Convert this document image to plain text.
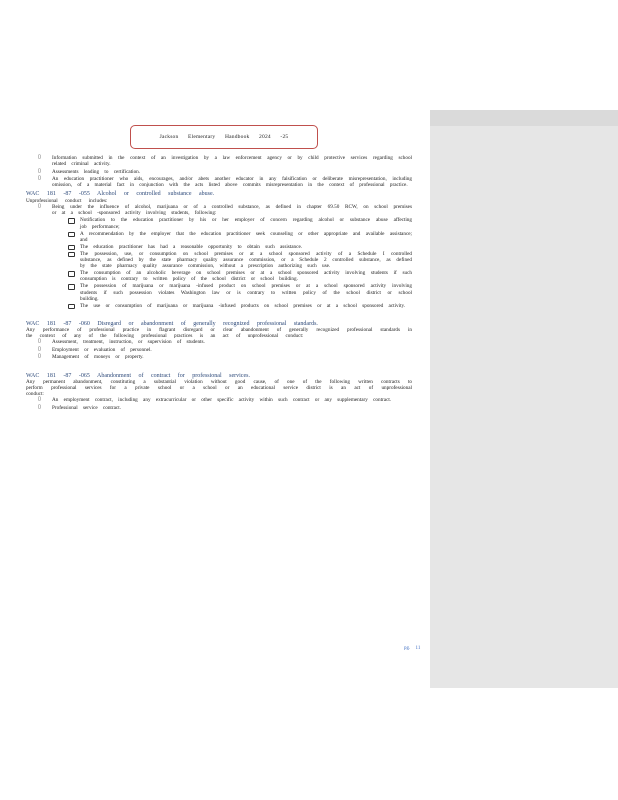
Jackson Elementary Handbook 2024 -25
▯ Information submitted in the context of an investigation by a law enforcement agency or by child protective services regarding school related criminal activity.
▯ Assessments leading to certification.
▯ An education practitioner who aids, encourages, and/or abets another educator in any falsification or deliberate misrepresentation, including omission, of a material fact in conjunction with the acts listed above commits misrepresentation in the context of professional practice.
WAC 181 -87 -055 Alcohol or controlled substance abuse.
Unprofessional conduct includes:
▯ Being under the influence of alcohol, marijuana or of a controlled substance, as defined in chapter 69.50 RCW, on school premises or at a school -sponsored activity involving students, following:
Notification to the education practitioner by his or her employer of concern regarding alcohol or substance abuse affecting job performance;
A recommendation by the employer that the education practitioner seek counseling or other appropriate and available assistance; and
The education practitioner has had a reasonable opportunity to obtain such assistance.
The possession, use, or consumption on school premises or at a school sponsored activity of a Schedule I controlled substance, as defined by the state pharmacy quality assurance commission, or a Schedule 2 controlled substance, as defined by the state pharmacy quality assurance commission, without a prescription authorizing such use.
The consumption of an alcoholic beverage on school premises or at a school sponsored activity involving students if such consumption is contrary to written policy of the school district or school building.
The possession of marijuana or marijuana -infused product on school premises or at a school sponsored activity involving students if such possession violates Washington law or is contrary to written policy of the school district or school building.
The use or consumption of marijuana or marijuana -infused products on school premises or at a school sponsored activity.
WAC 181 -87 -060 Disregard or abandonment of generally recognized professional standards.
Any performance of professional practice in flagrant disregard or clear abandonment of generally recognized professional standards in the context of any of the following professional practices is an act of unprofessional conduct:
▯ Assessment, treatment, instruction, or supervision of students.
▯ Employment or evaluation of personnel.
▯ Management of moneys or property.
WAC 181 -87 -065 Abandonment of contract for professional services.
Any permanent abandonment, constituting a substantial violation without good cause, of one of the following written contracts to perform professional services for a private school or a school or an educational service district is an act of unprofessional conduct:
▯ An employment contract, including any extracurricular or other specific activity within such contract or any supplementary contract.
▯ Professional service contract.
pg. 11
